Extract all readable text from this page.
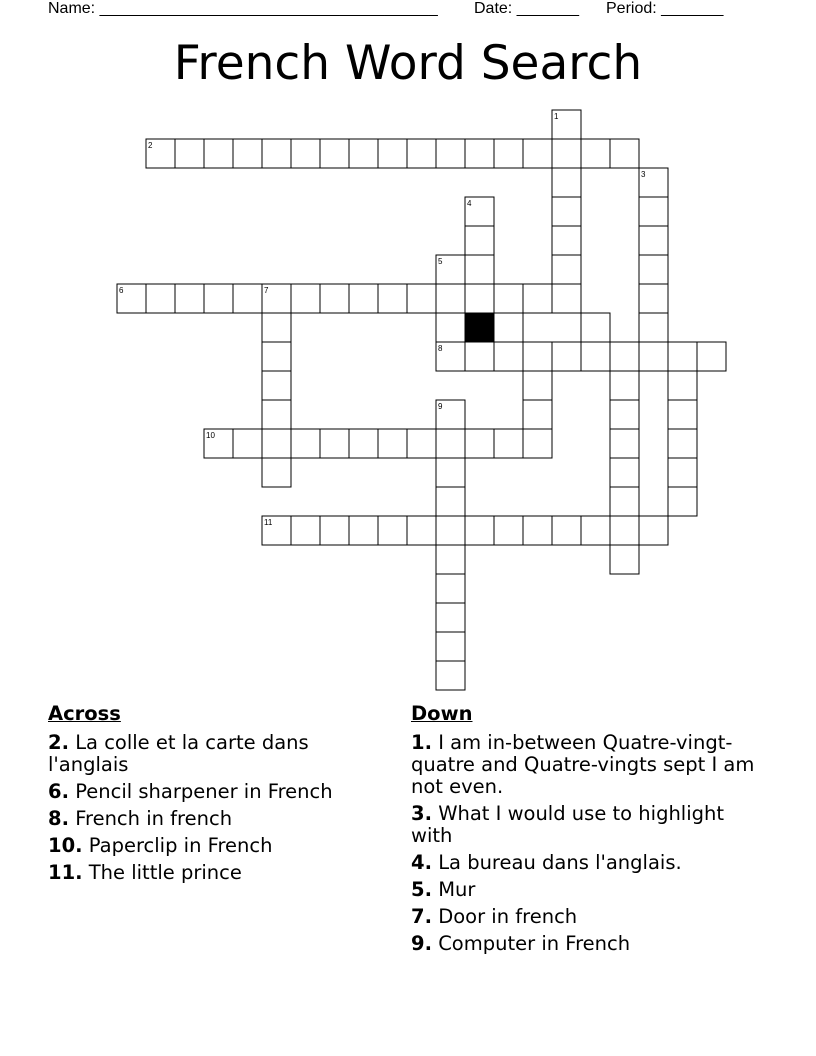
Name: ______________________________________ Date: _______ Period: _______
French Word Search
1
2
3
4
5
6	7
8
9
10
11
Across
2. La colle et la carte dans l'anglais
6. Pencil sharpener in French
8. French in french
10. Paperclip in French
11. The little prince
Down
1. I am in-between Quatre-vingt-quatre and Quatre-vingts sept I am not even.
3. What I would use to highlight with
4. La bureau dans l'anglais.
5. Mur
7. Door in french
9. Computer in French
